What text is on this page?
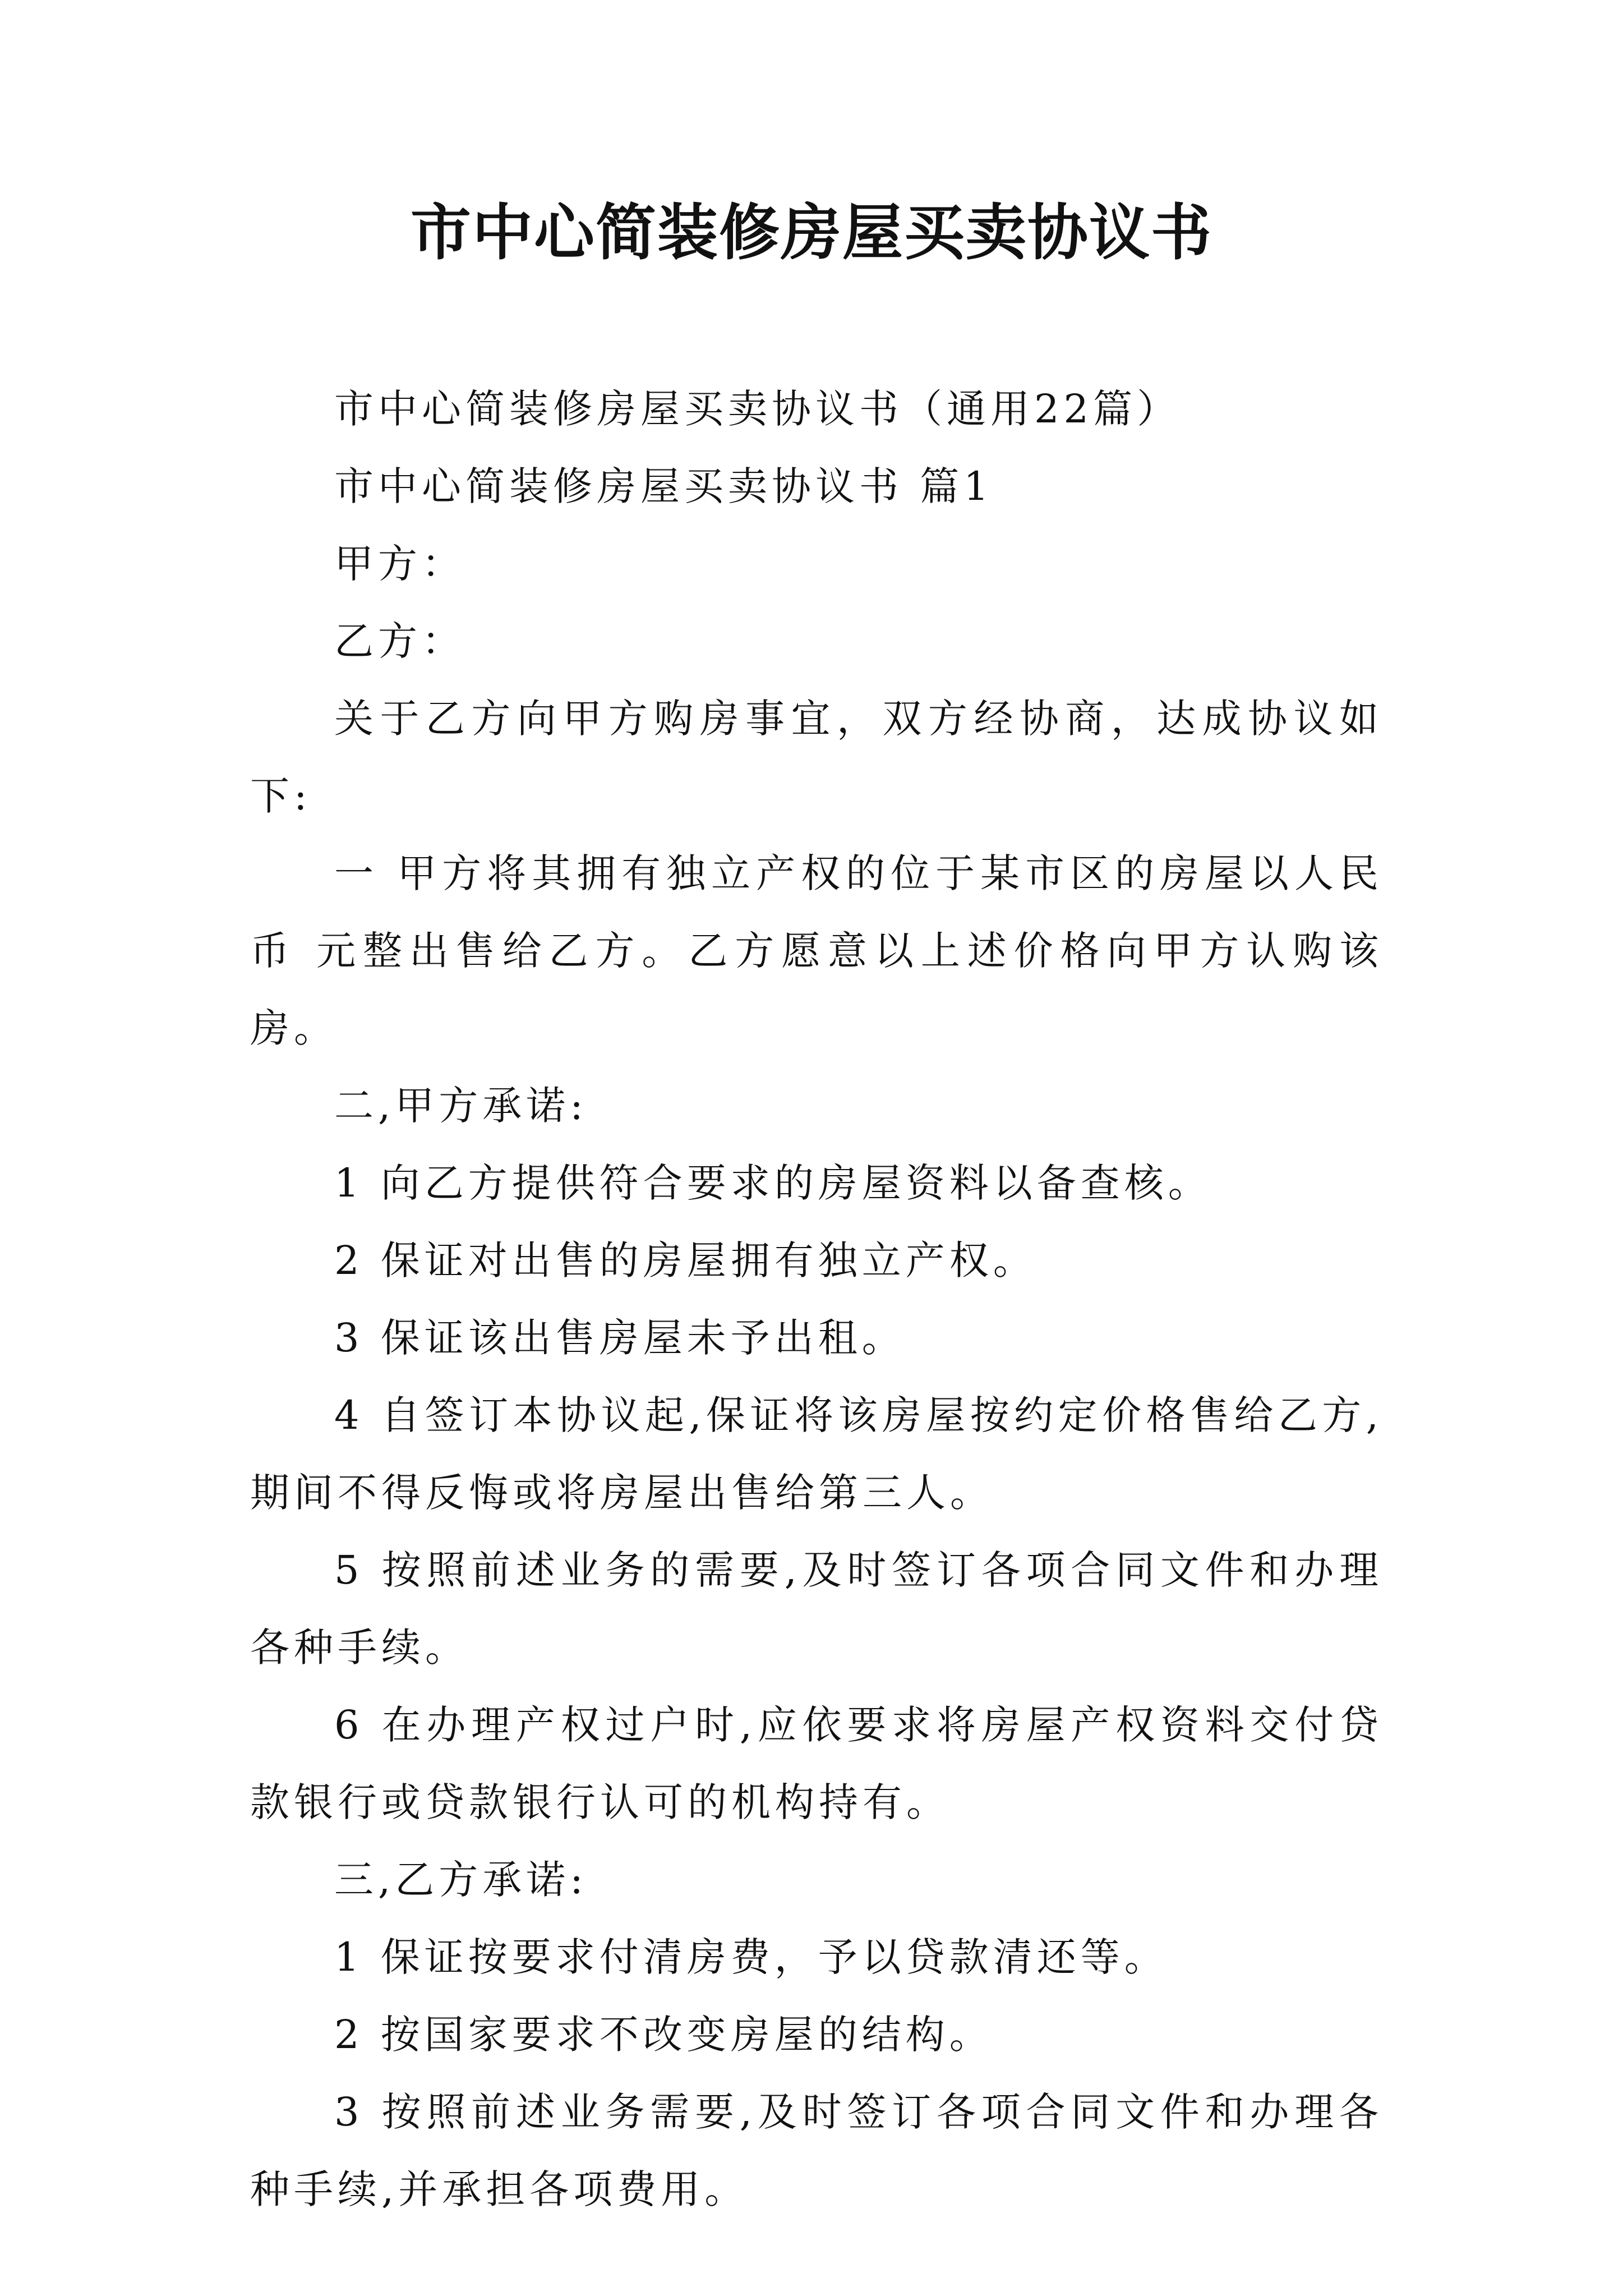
市中心简装修房屋买卖协议书

市中心简装修房屋买卖协议书（通用22篇）

市中心简装修房屋买卖协议书 篇1

甲方：

乙方：

关于乙方向甲方购房事宜，双方经协商，达成协议如下:

一 甲方将其拥有独立产权的位于某市区的房屋以人民币 元整出售给乙方。乙方愿意以上述价格向甲方认购该房。

二,甲方承诺:

1 向乙方提供符合要求的房屋资料以备查核。

2 保证对出售的房屋拥有独立产权。

3 保证该出售房屋未予出租。

4 自签订本协议起,保证将该房屋按约定价格售给乙方,期间不得反悔或将房屋出售给第三人。

5 按照前述业务的需要,及时签订各项合同文件和办理各种手续。

6 在办理产权过户时,应依要求将房屋产权资料交付贷款银行或贷款银行认可的机构持有。

三,乙方承诺:

1 保证按要求付清房费，予以贷款清还等。

2 按国家要求不改变房屋的结构。

3 按照前述业务需要,及时签订各项合同文件和办理各种手续,并承担各项费用。
